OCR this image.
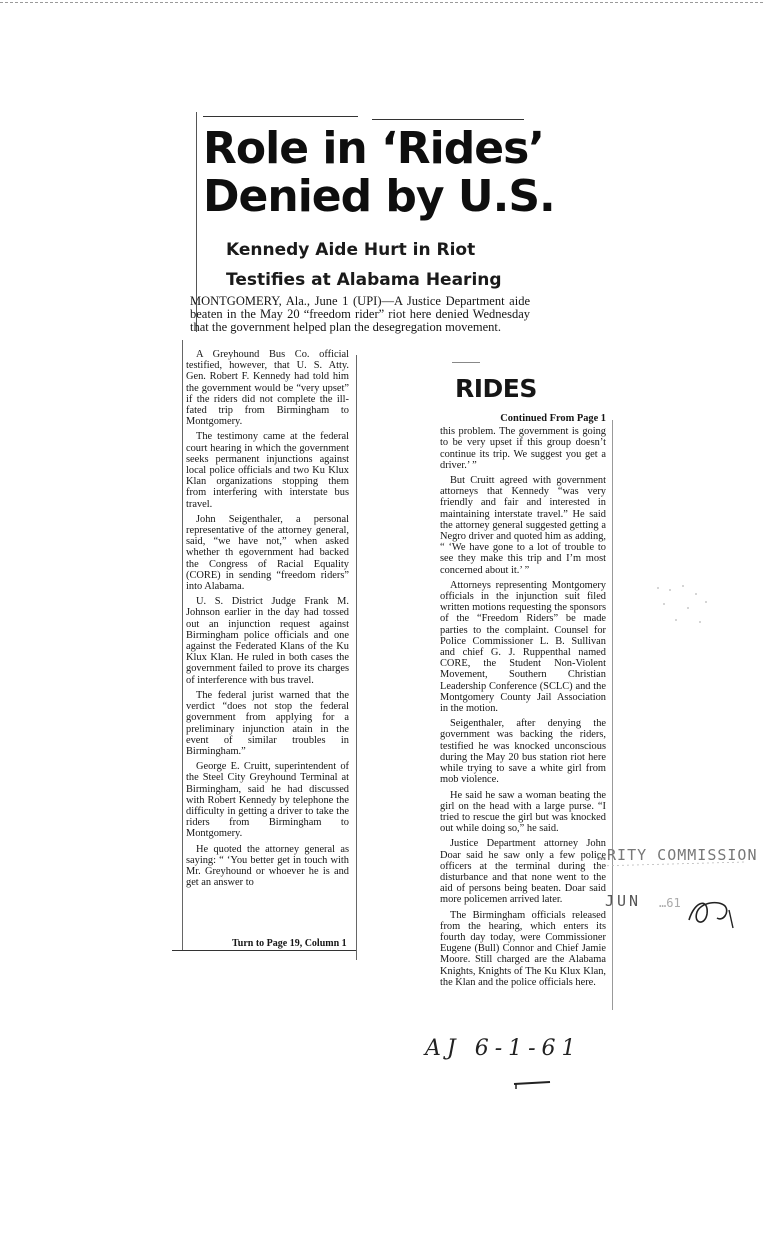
Role in ‘Rides’
Denied by U.S.
Kennedy Aide Hurt in Riot
Testifies at Alabama Hearing
MONTGOMERY, Ala., June 1 (UPI)—A Justice Department aide beaten in the May 20 “freedom rider” riot here denied Wednesday that the government helped plan the desegregation movement.

A Greyhound Bus Co. official testified, however, that U. S. Atty. Gen. Robert F. Kennedy had told him the government would be “very upset” if the riders did not complete the ill-fated trip from Birmingham to Montgomery.

The testimony came at the federal court hearing in which the government seeks permanent injunctions against local police officials and two Ku Klux Klan organizations stopping them from interfering with interstate bus travel.

John Seigenthaler, a personal representative of the attorney general, said, “we have not,” when asked whether th egovernment had backed the Congress of Racial Equality (CORE) in sending “freedom riders” into Alabama.

U. S. District Judge Frank M. Johnson earlier in the day had tossed out an injunction request against Birmingham police officials and one against the Federated Klans of the Ku Klux Klan. He ruled in both cases the government failed to prove its charges of interference with bus travel.

The federal jurist warned that the verdict “does not stop the federal government from applying for a preliminary injunction atain in the event of similar troubles in Birmingham.”

George E. Cruitt, superintendent of the Steel City Greyhound Terminal at Birmingham, said he had discussed with Robert Kennedy by telephone the difficulty in getting a driver to take the riders from Birmingham to Montgomery.

He quoted the attorney general as saying: “ ‘You better get in touch with Mr. Greyhound or whoever he is and get an answer to

Turn to Page 19, Column 1
RIDES

Continued From Page 1

this problem. The government is going to be very upset if this group doesn’t continue its trip. We suggest you get a driver.’ ”

But Cruitt agreed with government attorneys that Kennedy “was very friendly and fair and interested in maintaining interstate travel.” He said the attorney general suggested getting a Negro driver and quoted him as adding, “ ‘We have gone to a lot of trouble to see they make this trip and I’m most concerned about it.’ ”

Attorneys representing Montgomery officials in the injunction suit filed written motions requesting the sponsors of the “Freedom Riders” be made parties to the complaint. Counsel for Police Commissioner L. B. Sullivan and chief G. J. Ruppenthal named CORE, the Student Non-Violent Movement, Southern Christian Leadership Conference (SCLC) and the Montgomery County Jail Association in the motion.

Seigenthaler, after denying the government was backing the riders, testified he was knocked unconscious during the May 20 bus station riot here while trying to save a white girl from mob violence.

He said he saw a woman beating the girl on the head with a large purse. “I tried to rescue the girl but was knocked out while doing so,” he said.

Justice Department attorney John Doar said he saw only a few police officers at the terminal during the disturbance and that none went to the aid of persons being beaten. Doar said more policemen arrived later.

The Birmingham officials released from the hearing, which enters its fourth day today, were Commissioner Eugene (Bull) Connor and Chief Jamie Moore. Still charged are the Alabama Knights, Knights of The Ku Klux Klan, the Klan and the police officials here.

…RITY COMMISSION
JUN …61
AJ 6-1-61
